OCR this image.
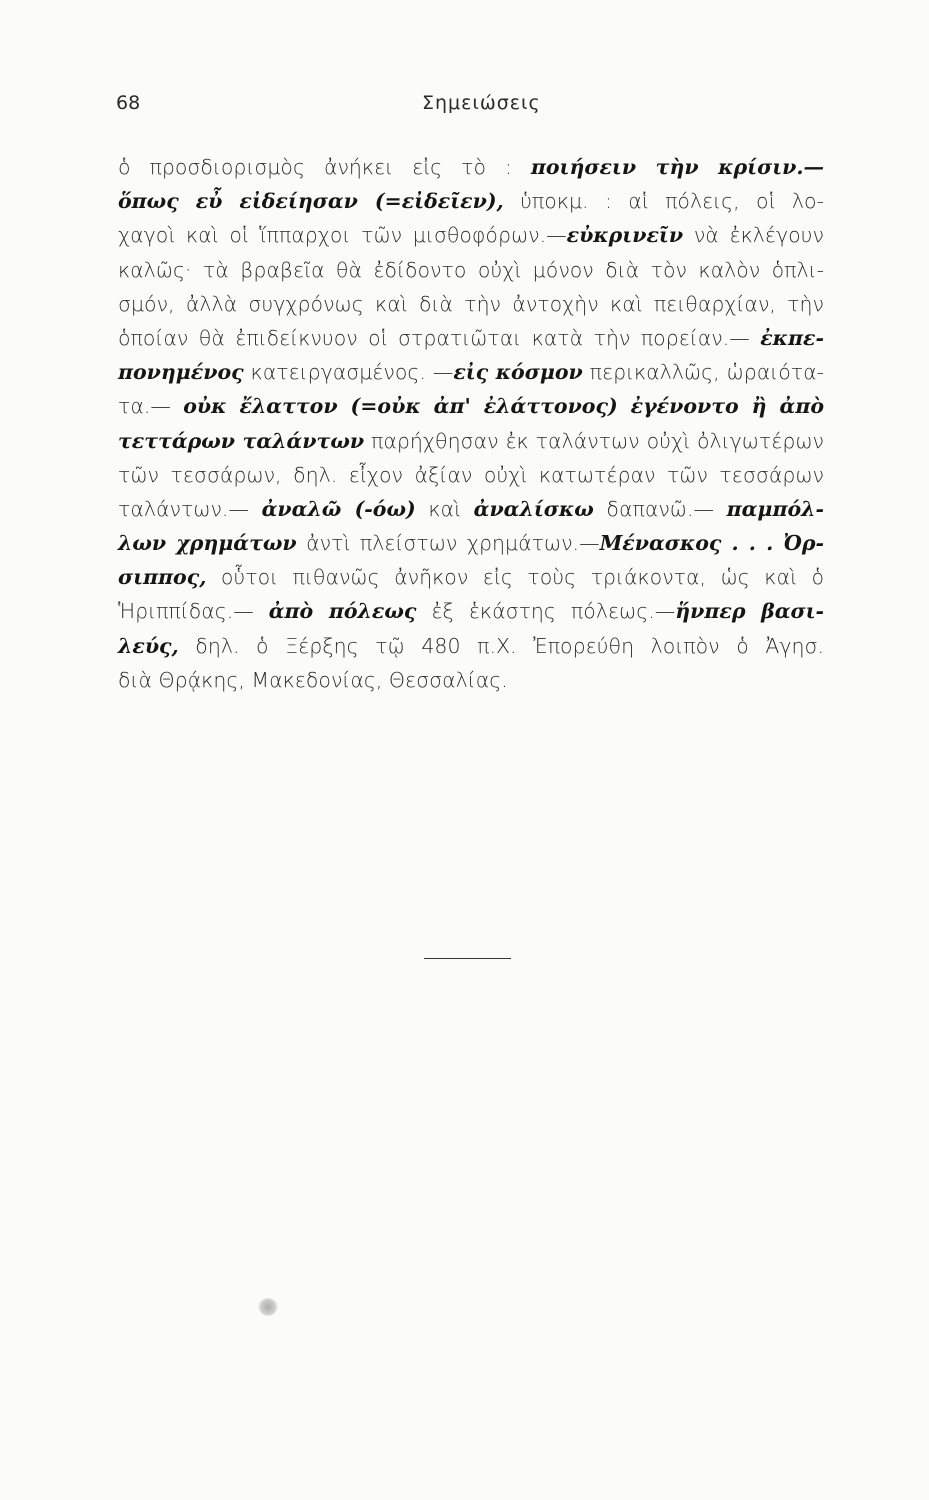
68	Σημειώσεις
ὁ προσδιορισμὸς ἀνήκει εἰς τὸ : ποιήσειν τὴν κρίσιν.—
ὅπως εὖ εἰδείησαν (=εἰδεῖεν), ὑποκμ. : αἱ πόλεις, οἱ λο-
χαγοὶ καὶ οἱ ἵππαρχοι τῶν μισθοφόρων.—εὐκρινεῖν νὰ ἐκλέγουν
καλῶς· τὰ βραβεῖα θὰ ἐδίδοντο οὐχὶ μόνον διὰ τὸν καλὸν ὁπλι-
σμόν, ἀλλὰ συγχρόνως καὶ διὰ τὴν ἀντοχὴν καὶ πειθαρχίαν, τὴν
ὁποίαν θὰ ἐπιδείκνυον οἱ στρατιῶται κατὰ τὴν πορείαν.— ἐκπε-
πονημένος κατειργασμένος. —εἰς κόσμον περικαλλῶς, ὡραιότα-
τα.— οὐκ ἔλαττον (=οὐκ ἀπ' ἐλάττονος) ἐγένοντο ἢ ἀπὸ
τεττάρων ταλάντων παρήχθησαν ἐκ ταλάντων οὐχὶ ὀλιγωτέρων
τῶν τεσσάρων, δηλ. εἶχον ἀξίαν οὐχὶ κατωτέραν τῶν τεσσάρων
ταλάντων.— ἀναλῶ (-όω) καὶ ἀναλίσκω δαπανῶ.— παμπόλ-
λων χρημάτων ἀντὶ πλείστων χρημάτων.—Μένασκος . . . Ὀρ-
σιππος, οὗτοι πιθανῶς ἀνῆκον εἰς τοὺς τριάκοντα, ὡς καὶ ὁ
Ἡριππίδας.— ἀπὸ πόλεως ἐξ ἑκάστης πόλεως.—ἥνπερ βασι-
λεύς, δηλ. ὁ Ξέρξης τῷ 480 π.Χ. Ἐπορεύθη λοιπὸν ὁ Ἀγησ.
διὰ Θρᾴκης, Μακεδονίας, Θεσσαλίας.
